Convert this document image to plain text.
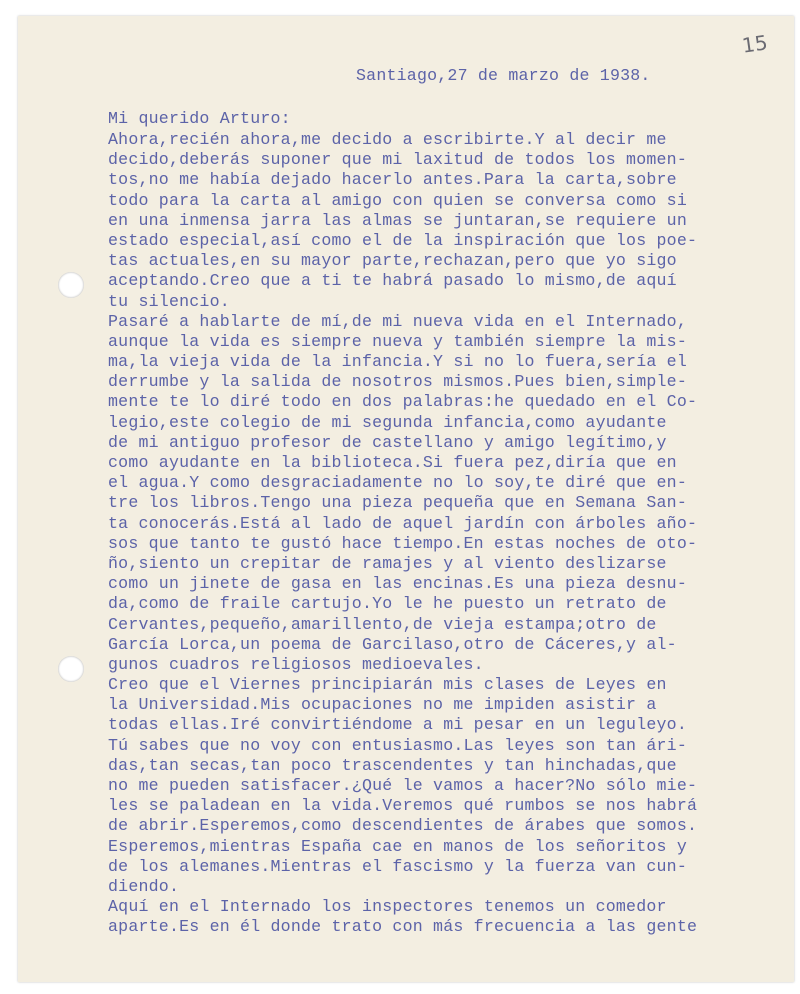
15
Santiago,27 de marzo de 1938.
Mi querido Arturo:
Ahora,recién ahora,me decido a escribirte.Y al decir me
decido,deberás suponer que mi laxitud de todos los momen-
tos,no me había dejado hacerlo antes.Para la carta,sobre
todo para la carta al amigo con quien se conversa como si
en una inmensa jarra las almas se juntaran,se requiere un
estado especial,así como el de la inspiración que los poe-
tas actuales,en su mayor parte,rechazan,pero que yo sigo
aceptando.Creo que a ti te habrá pasado lo mismo,de aquí
tu silencio.
Pasaré a hablarte de mí,de mi nueva vida en el Internado,
aunque la vida es siempre nueva y también siempre la mis-
ma,la vieja vida de la infancia.Y si no lo fuera,sería el
derrumbe y la salida de nosotros mismos.Pues bien,simple-
mente te lo diré todo en dos palabras:he quedado en el Co-
legio,este colegio de mi segunda infancia,como ayudante
de mi antiguo profesor de castellano y amigo legítimo,y
como ayudante en la biblioteca.Si fuera pez,diría que en
el agua.Y como desgraciadamente no lo soy,te diré que en-
tre los libros.Tengo una pieza pequeña que en Semana San-
ta conocerás.Está al lado de aquel jardín con árboles año-
sos que tanto te gustó hace tiempo.En estas noches de oto-
ño,siento un crepitar de ramajes y al viento deslizarse
como un jinete de gasa en las encinas.Es una pieza desnu-
da,como de fraile cartujo.Yo le he puesto un retrato de
Cervantes,pequeño,amarillento,de vieja estampa;otro de
García Lorca,un poema de Garcilaso,otro de Cáceres,y al-
gunos cuadros religiosos medioevales.
Creo que el Viernes principiarán mis clases de Leyes en
la Universidad.Mis ocupaciones no me impiden asistir a
todas ellas.Iré convirtiéndome a mi pesar en un leguleyo.
Tú sabes que no voy con entusiasmo.Las leyes son tan ári-
das,tan secas,tan poco trascendentes y tan hinchadas,que
no me pueden satisfacer.¿Qué le vamos a hacer?No sólo mie-
les se paladean en la vida.Veremos qué rumbos se nos habrá
de abrir.Esperemos,como descendientes de árabes que somos.
Esperemos,mientras España cae en manos de los señoritos y
de los alemanes.Mientras el fascismo y la fuerza van cun-
diendo.
Aquí en el Internado los inspectores tenemos un comedor
aparte.Es en él donde trato con más frecuencia a las gente
